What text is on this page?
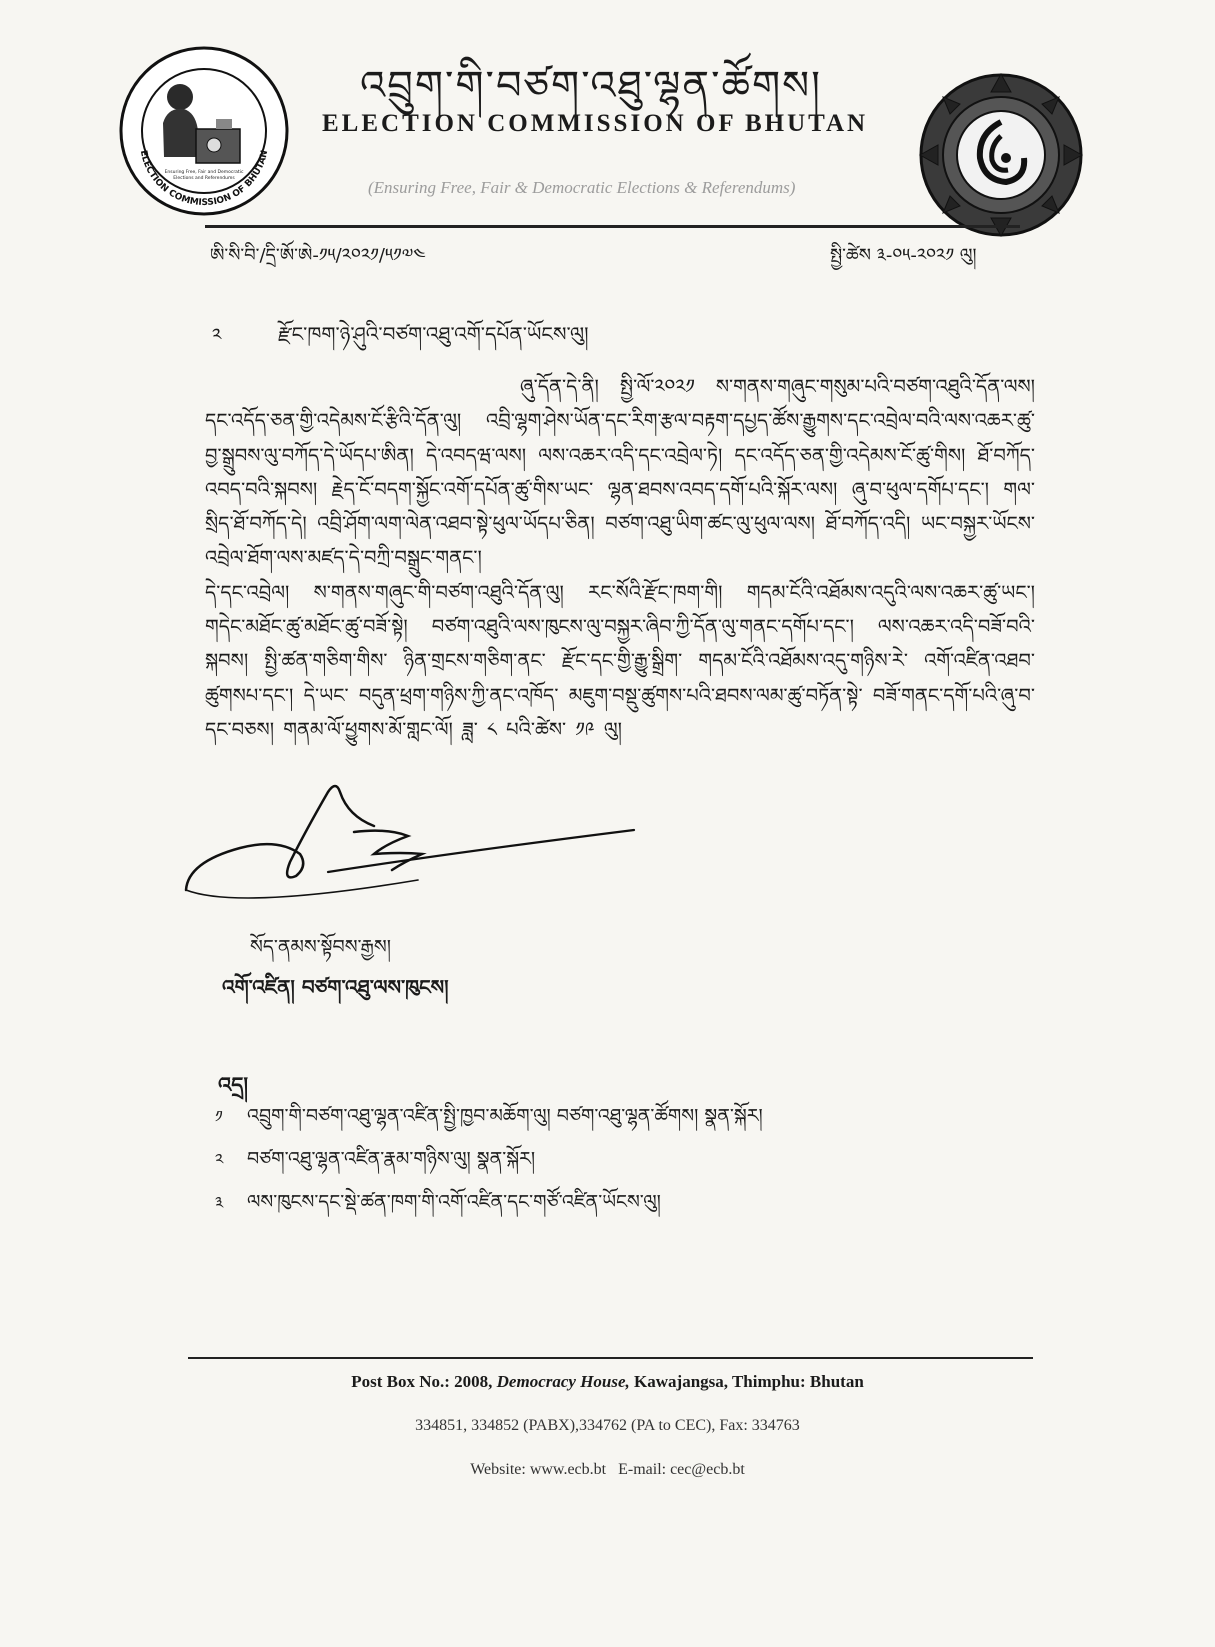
Ensuring Free, Fair and Democratic
Elections and Referendums
ELECTION COMMISSION OF BHUTAN
འབྲུག་གི་བཙག་འཐུ་ལྷན་ཚོགས།
ELECTION COMMISSION OF BHUTAN
(Ensuring Free, Fair & Democratic Elections & Referendums)
ཨི་སི་བི་/དྲི་ཨོ་ཨེ-༡༥/༢༠༢༡/༥༡༧༤	སྤྱི་ཚེས ༣-༠༥-༢༠༢༡ ལུ།
༢	རྫོང་ཁག་ཉེ་ཤུའི་བཙག་འཐུ་འགོ་དཔོན་ཡོངས་ལུ།

ཞུ་དོན་དེ་ནི། སྤྱི་ལོ་༢༠༢༡ ས་གནས་གཞུང་གསུམ་པའི་བཙག་འཐུའི་དོན་ལས། དང་འདོད་ཅན་གྱི་འདེམས་ངོ་རྩིའི་དོན་ལུ། འབྲི་ལྷག་ཤེས་ཡོན་དང་རིག་རྩལ་བརྟག་དཔྱད་ཚོས་རྒྱུགས་དང་འབྲེལ་བའི་ལས་འཆར་ཚུ་བྱ་སྒྲུབས་ལུ་བཀོད་དེ་ཡོདཔ་ཨིན། དེ་འབདཝ་ལས། ལས་འཆར་འདི་དང་འབྲེལ་ཏེ། དང་འདོད་ཅན་གྱི་འདེམས་ངོ་ཚུ་གིས། ཐོ་བཀོད་འབད་བའི་སྐབས། རྗེད་ངོ་བདག་སྐྱོང་འགོ་དཔོན་ཚུ་གིས་ཡང་ ལྷན་ཐབས་འབད་དགོ་པའི་སྐོར་ལས། ཞུ་བ་ཕུལ་དགོཔ་དང་། གལ་སྲིད་ཐོ་བཀོད་དེ། འབྲི་ཤོག་ལག་ལེན་འཐབ་སྟེ་ཕུལ་ཡོདཔ་ཅིན། བཙག་འཐུ་ཡིག་ཚང་ལུ་ཕུལ་ལས། ཐོ་བཀོད་འདི། ཡང་བསྐྱར་ཡོངས་འབྲེལ་ཐོག་ལས་མཛད་དེ་བཀྲི་བསྒྲུང་གནང་།

དེ་དང་འབྲེལ། ས་གནས་གཞུང་གི་བཙག་འཐུའི་དོན་ལུ། རང་སོའི་རྫོང་ཁག་གི། གདམ་ངོའི་འཐོམས་འདུའི་ལས་འཆར་ཚུ་ཡང་། གདེང་མཐོང་ཚུ་མཐོང་ཚུ་བཟོ་སྟེ། བཙག་འཐུའི་ལས་ཁུངས་ལུ་བསྐྱར་ཞིབ་ཀྱི་དོན་ལུ་གནང་དགོཔ་དང་། ལས་འཆར་འདི་བཟོ་བའི་སྐབས། སྤྱི་ཚན་གཅིག་གིས་ ཉིན་གྲངས་གཅིག་ནང་ རྫོང་དང་གྱི་རྒྱུ་སྒྲིག་ གདམ་ངོའི་འཐོམས་འདུ་གཉིས་རེ་ འགོ་འཛིན་འཐབ་ཚུགསཔ་དང་། དེ་ཡང་ བདུན་ཕྲག་གཉིས་ཀྱི་ནང་འཁོད་ མཇུག་བསྡུ་ཚུགས་པའི་ཐབས་ལམ་ཚུ་བཏོན་སྟེ་ བཟོ་གནང་དགོ་པའི་ཞུ་བ་དང་བཅས། གནམ་ལོ་ཕྱུགས་མོ་གླང་ལོ། ཟླ་ ༨ པའི་ཚེས་ ༡༩ ལུ།

སོད་ནམས་སྟོབས་རྒྱས།
འགོ་འཛིན། བཙག་འཐུ་ལས་ཁུངས།
འདྲ།
༡	འབྲུག་གི་བཙག་འཐུ་ལྷན་འཛིན་སྤྱི་ཁྱབ་མཆོག་ལུ། བཙག་འཐུ་ལྷན་ཚོགས། སྣན་སྐོར།
༢	བཙག་འཐུ་ལྷན་འཛིན་རྣམ་གཉིས་ལུ། སྣན་སྐོར།
༣	ལས་ཁུངས་དང་སྡེ་ཚན་ཁག་གི་འགོ་འཛིན་དང་གཙོ་འཛིན་ཡོངས་ལུ།
Post Box No.: 2008, Democracy House, Kawajangsa, Thimphu: Bhutan
334851, 334852 (PABX),334762 (PA to CEC), Fax: 334763
Website: www.ecb.bt E-mail: cec@ecb.bt
